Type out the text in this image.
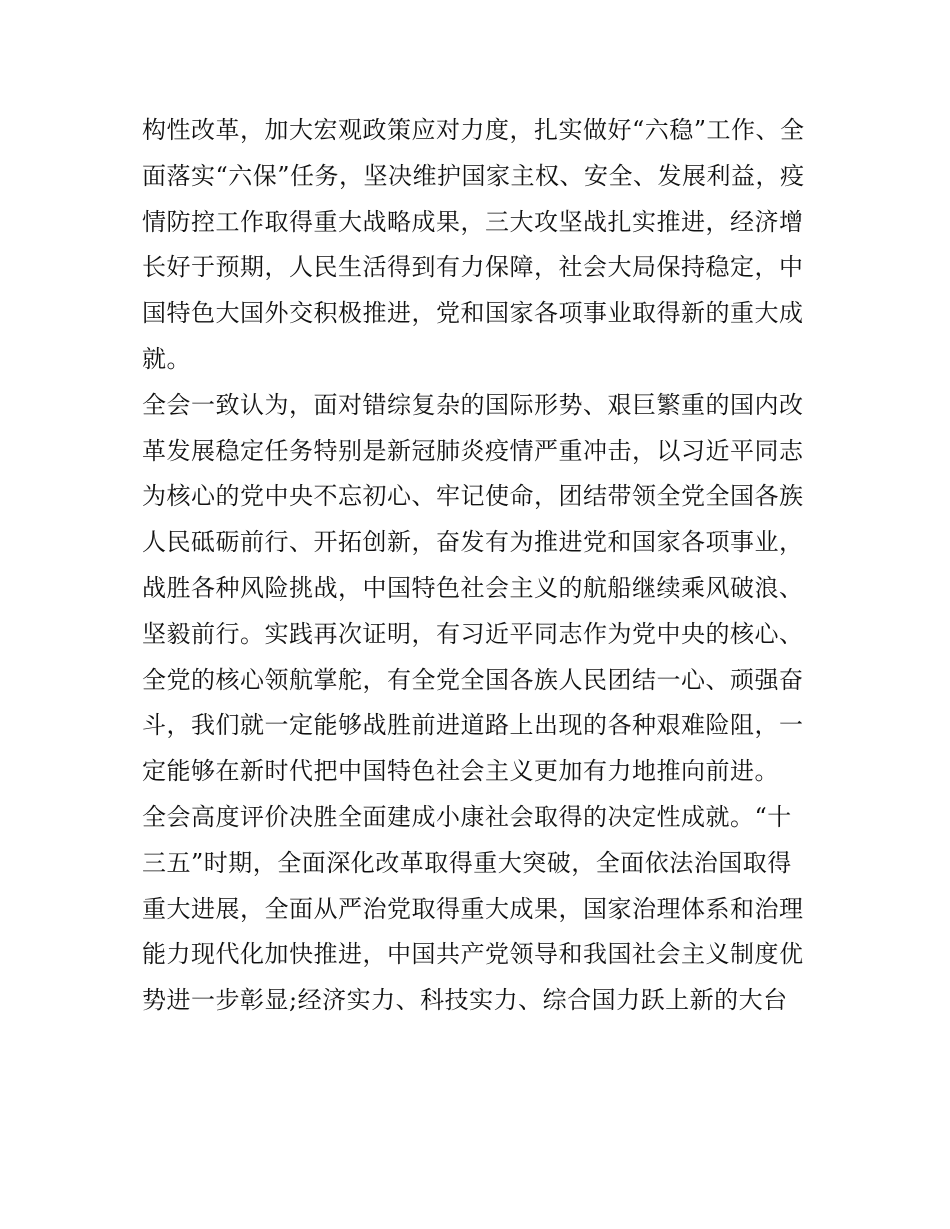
构性改革，加大宏观政策应对力度，扎实做好“六稳”工作、全
面落实“六保”任务，坚决维护国家主权、安全、发展利益，疫
情防控工作取得重大战略成果，三大攻坚战扎实推进，经济增
长好于预期，人民生活得到有力保障，社会大局保持稳定，中
国特色大国外交积极推进，党和国家各项事业取得新的重大成
就。
全会一致认为，面对错综复杂的国际形势、艰巨繁重的国内改
革发展稳定任务特别是新冠肺炎疫情严重冲击，以习近平同志
为核心的党中央不忘初心、牢记使命，团结带领全党全国各族
人民砥砺前行、开拓创新，奋发有为推进党和国家各项事业，
战胜各种风险挑战，中国特色社会主义的航船继续乘风破浪、
坚毅前行。实践再次证明，有习近平同志作为党中央的核心、
全党的核心领航掌舵，有全党全国各族人民团结一心、顽强奋
斗，我们就一定能够战胜前进道路上出现的各种艰难险阻，一
定能够在新时代把中国特色社会主义更加有力地推向前进。
全会高度评价决胜全面建成小康社会取得的决定性成就。“十
三五”时期，全面深化改革取得重大突破，全面依法治国取得
重大进展，全面从严治党取得重大成果，国家治理体系和治理
能力现代化加快推进，中国共产党领导和我国社会主义制度优
势进一步彰显;经济实力、科技实力、综合国力跃上新的大台
